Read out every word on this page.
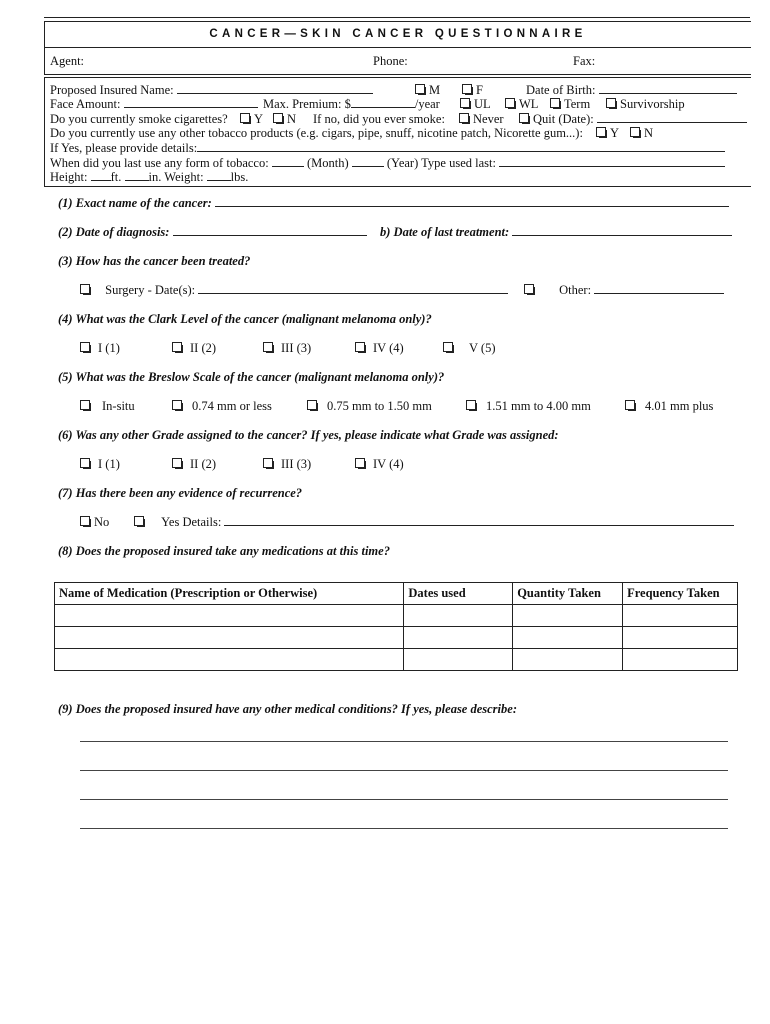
CANCER—SKIN CANCER QUESTIONNAIRE
Agent:	Phone:	Fax:
Proposed Insured Name:	M	F	Date of Birth:
Face Amount:	Max. Premium: $	/year	UL	WL	Term	Survivorship
Do you currently smoke cigarettes?	Y	N If no, did you ever smoke:	Never	Quit (Date):
Do you currently use any other tobacco products (e.g. cigars, pipe, snuff, nicotine patch, Nicorette gum...):	Y	N
If Yes, please provide details:
When did you last use any form of tobacco:	(Month)	(Year) Type used last:
Height: ft. in. Weight: lbs.
(1) Exact name of the cancer:
(2) Date of diagnosis:	b) Date of last treatment:
(3) How has the cancer been treated?
Surgery - Date(s):	Other:
(4) What was the Clark Level of the cancer (malignant melanoma only)?
I (1)	II (2)	III (3)	IV (4)	V (5)
(5) What was the Breslow Scale of the cancer (malignant melanoma only)?
In-situ	0.74 mm or less	0.75 mm to 1.50 mm	1.51 mm to 4.00 mm	4.01 mm plus
(6) Was any other Grade assigned to the cancer? If yes, please indicate what Grade was assigned:
I (1)	II (2)	III (3)	IV (4)
(7) Has there been any evidence of recurrence?
No	Yes Details:
(8) Does the proposed insured take any medications at this time?
Name of Medication (Prescription or Otherwise)	Dates used	Quantity Taken	Frequency Taken

(9) Does the proposed insured have any other medical conditions? If yes, please describe:
